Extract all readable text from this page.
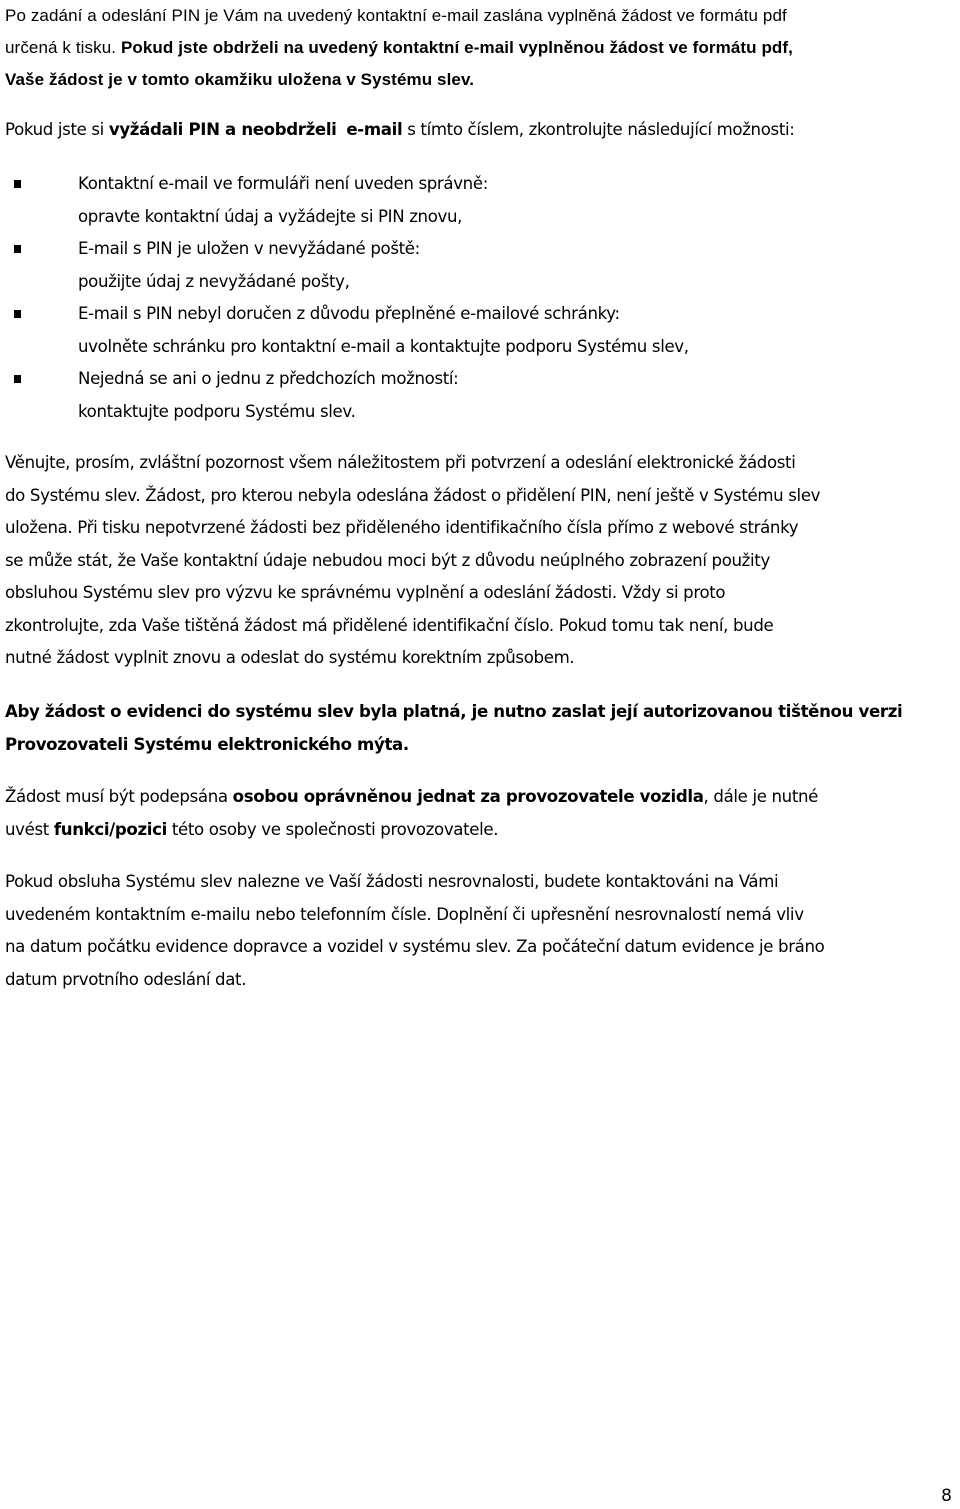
Po zadání a odeslání PIN je Vám na uvedený kontaktní e-mail zaslána vyplněná žádost ve formátu pdf
určená k tisku. Pokud jste obdrželi na uvedený kontaktní e-mail vyplněnou žádost ve formátu pdf,
Vaše žádost je v tomto okamžiku uložena v Systému slev.

Pokud jste si vyžádali PIN a neobdrželi e-mail s tímto číslem, zkontrolujte následující možnosti:

Kontaktní e-mail ve formuláři není uveden správně:
opravte kontaktní údaj a vyžádejte si PIN znovu,
E-mail s PIN je uložen v nevyžádané poště:
použijte údaj z nevyžádané pošty,
E-mail s PIN nebyl doručen z důvodu přeplněné e-mailové schránky:
uvolněte schránku pro kontaktní e-mail a kontaktujte podporu Systému slev,
Nejedná se ani o jednu z předchozích možností:
kontaktujte podporu Systému slev.

Věnujte, prosím, zvláštní pozornost všem náležitostem při potvrzení a odeslání elektronické žádosti
do Systému slev. Žádost, pro kterou nebyla odeslána žádost o přidělení PIN, není ještě v Systému slev
uložena. Při tisku nepotvrzené žádosti bez přiděleného identifikačního čísla přímo z webové stránky
se může stát, že Vaše kontaktní údaje nebudou moci být z důvodu neúplného zobrazení použity
obsluhou Systému slev pro výzvu ke správnému vyplnění a odeslání žádosti. Vždy si proto
zkontrolujte, zda Vaše tištěná žádost má přidělené identifikační číslo. Pokud tomu tak není, bude
nutné žádost vyplnit znovu a odeslat do systému korektním způsobem.

Aby žádost o evidenci do systému slev byla platná, je nutno zaslat její autorizovanou tištěnou verzi
Provozovateli Systému elektronického mýta.

Žádost musí být podepsána osobou oprávněnou jednat za provozovatele vozidla, dále je nutné
uvést funkci/pozici této osoby ve společnosti provozovatele.

Pokud obsluha Systému slev nalezne ve Vaší žádosti nesrovnalosti, budete kontaktováni na Vámi
uvedeném kontaktním e-mailu nebo telefonním čísle. Doplnění či upřesnění nesrovnalostí nemá vliv
na datum počátku evidence dopravce a vozidel v systému slev. Za počáteční datum evidence je bráno
datum prvotního odeslání dat.

8
